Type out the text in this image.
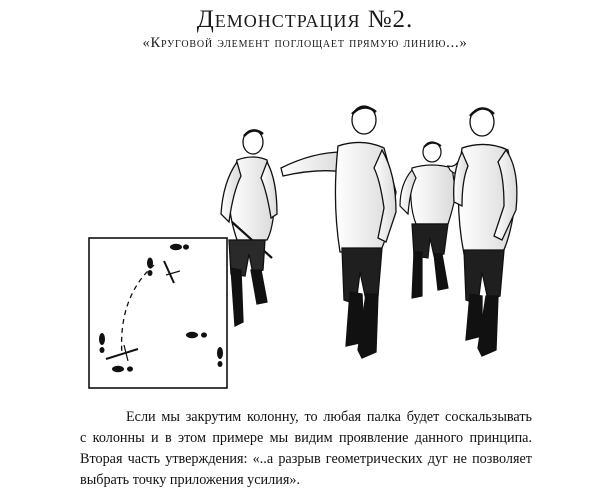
Демонстрация №2.
«Круговой элемент поглощает прямую линию...»
Если мы закрутим колонну, то любая палка будет соскальзывать
с колонны и в этом примере мы видим проявление данного принципа.
Вторая часть утверждения: «..а разрыв геометрических дуг не позволяет
выбрать точку приложения усилия».
